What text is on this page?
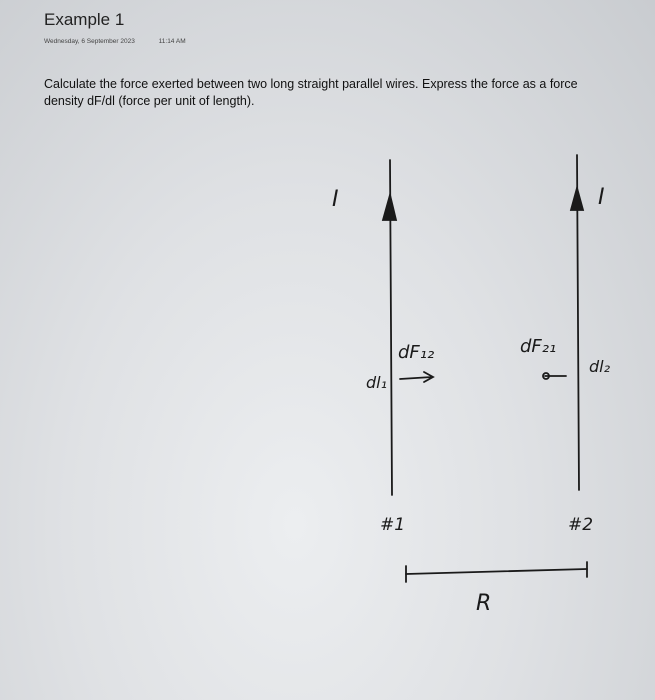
Example 1
Wednesday, 6 September 2023	11:14 AM
Calculate the force exerted between two long straight parallel wires. Express the force as a force density dF/dl (force per unit of length).
I	I
dF₁₂	dF₂₁
dl₁
dl₂
#1	#2
R
